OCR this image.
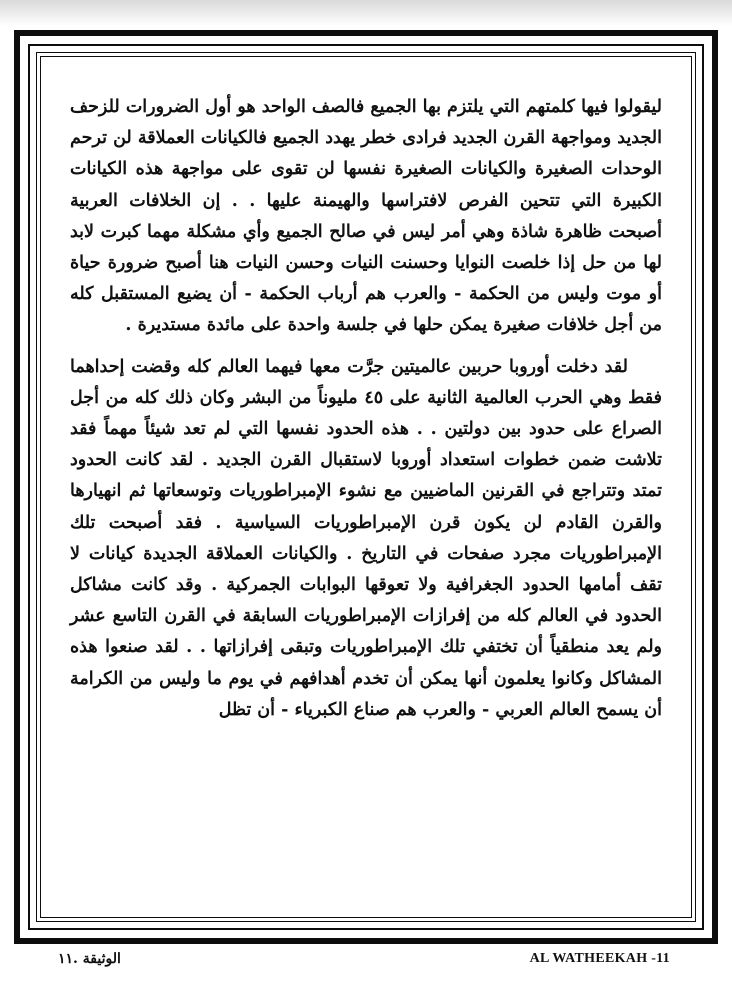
ليقولوا فيها كلمتهم التي يلتزم بها الجميع فالصف الواحد هو أول الضرورات للزحف الجديد ومواجهة القرن الجديد فرادى خطر يهدد الجميع فالكيانات العملاقة لن ترحم الوحدات الصغيرة والكيانات الصغيرة نفسها لن تقوى على مواجهة هذه الكيانات الكبيرة التي تتحين الفرص لافتراسها والهيمنة عليها . . إن الخلافات العربية أصبحت ظاهرة شاذة وهي أمر ليس في صالح الجميع وأي مشكلة مهما كبرت لابد لها من حل إذا خلصت النوايا وحسنت النيات وحسن النيات هنا أصبح ضرورة حياة أو موت وليس من الحكمة - والعرب هم أرباب الحكمة - أن يضيع المستقبل كله من أجل خلافات صغيرة يمكن حلها في جلسة واحدة على مائدة مستديرة .

لقد دخلت أوروبا حربين عالميتين جرَّت معها فيهما العالم كله وقضت إحداهما فقط وهي الحرب العالمية الثانية على ٤٥ مليوناً من البشر وكان ذلك كله من أجل الصراع على حدود بين دولتين . . هذه الحدود نفسها التي لم تعد شيئاً مهماً فقد تلاشت ضمن خطوات استعداد أوروبا لاستقبال القرن الجديد . لقد كانت الحدود تمتد وتتراجع في القرنين الماضيين مع نشوء الإمبراطوريات وتوسعاتها ثم انهيارها والقرن القادم لن يكون قرن الإمبراطوريات السياسية . فقد أصبحت تلك الإمبراطوريات مجرد صفحات في التاريخ . والكيانات العملاقة الجديدة كيانات لا تقف أمامها الحدود الجغرافية ولا تعوقها البوابات الجمركية . وقد كانت مشاكل الحدود في العالم كله من إفرازات الإمبراطوريات السابقة في القرن التاسع عشر ولم يعد منطقياً أن تختفي تلك الإمبراطوريات وتبقى إفرازاتها . . لقد صنعوا هذه المشاكل وكانوا يعلمون أنها يمكن أن تخدم أهدافهم في يوم ما وليس من الكرامة أن يسمح العالم العربي - والعرب هم صناع الكبرياء - أن تظل

الوثيقة .١١	AL WATHEEKAH -11
